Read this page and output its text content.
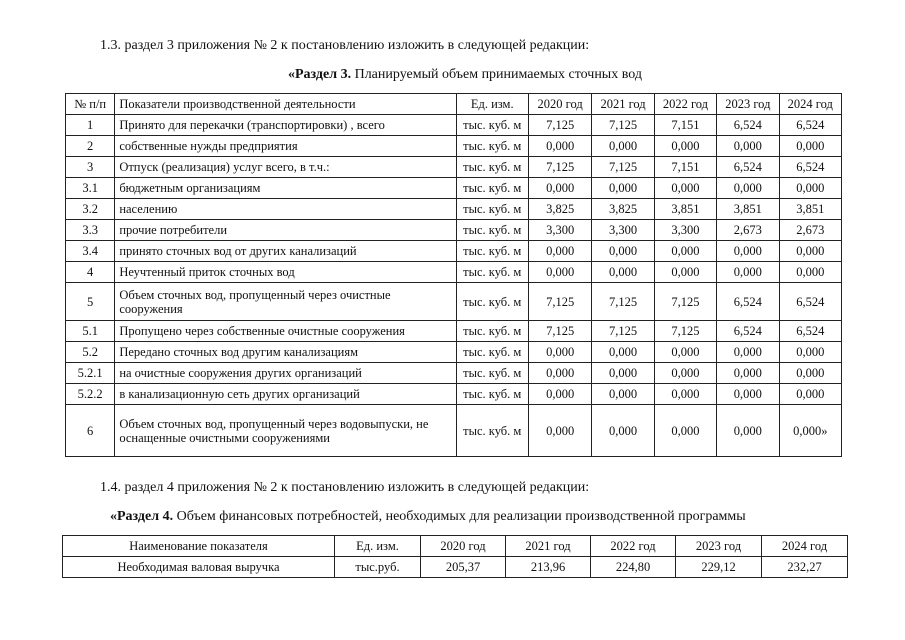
1.3. раздел 3 приложения № 2 к постановлению изложить в следующей редакции:
«Раздел 3. Планируемый объем принимаемых сточных вод
№ п/п	Показатели производственной деятельности	Ед. изм.	2020 год	2021 год	2022 год	2023 год	2024 год
1	Принято для перекачки (транспортировки) , всего	тыс. куб. м	7,125	7,125	7,151	6,524	6,524
2	собственные нужды предприятия	тыс. куб. м	0,000	0,000	0,000	0,000	0,000
3	Отпуск (реализация) услуг всего, в т.ч.:	тыс. куб. м	7,125	7,125	7,151	6,524	6,524
3.1	бюджетным организациям	тыс. куб. м	0,000	0,000	0,000	0,000	0,000
3.2	населению	тыс. куб. м	3,825	3,825	3,851	3,851	3,851
3.3	прочие потребители	тыс. куб. м	3,300	3,300	3,300	2,673	2,673
3.4	принято сточных вод от других канализаций	тыс. куб. м	0,000	0,000	0,000	0,000	0,000
4	Неучтенный приток сточных вод	тыс. куб. м	0,000	0,000	0,000	0,000	0,000
5	Объем сточных вод, пропущенный через очистные сооружения	тыс. куб. м	7,125	7,125	7,125	6,524	6,524
5.1	Пропущено через собственные очистные сооружения	тыс. куб. м	7,125	7,125	7,125	6,524	6,524
5.2	Передано сточных вод другим канализациям	тыс. куб. м	0,000	0,000	0,000	0,000	0,000
5.2.1	на очистные сооружения других организаций	тыс. куб. м	0,000	0,000	0,000	0,000	0,000
5.2.2	в канализационную сеть других организаций	тыс. куб. м	0,000	0,000	0,000	0,000	0,000
6	Объем сточных вод, пропущенный через водовыпуски, не оснащенные очистными сооружениями	тыс. куб. м	0,000	0,000	0,000	0,000	0,000»
1.4. раздел 4 приложения № 2 к постановлению изложить в следующей редакции:
«Раздел 4. Объем финансовых потребностей, необходимых для реализации производственной программы
Наименование показателя	Ед. изм.	2020 год	2021 год	2022 год	2023 год	2024 год
Необходимая валовая выручка	тыс.руб.	205,37	213,96	224,80	229,12	232,27
